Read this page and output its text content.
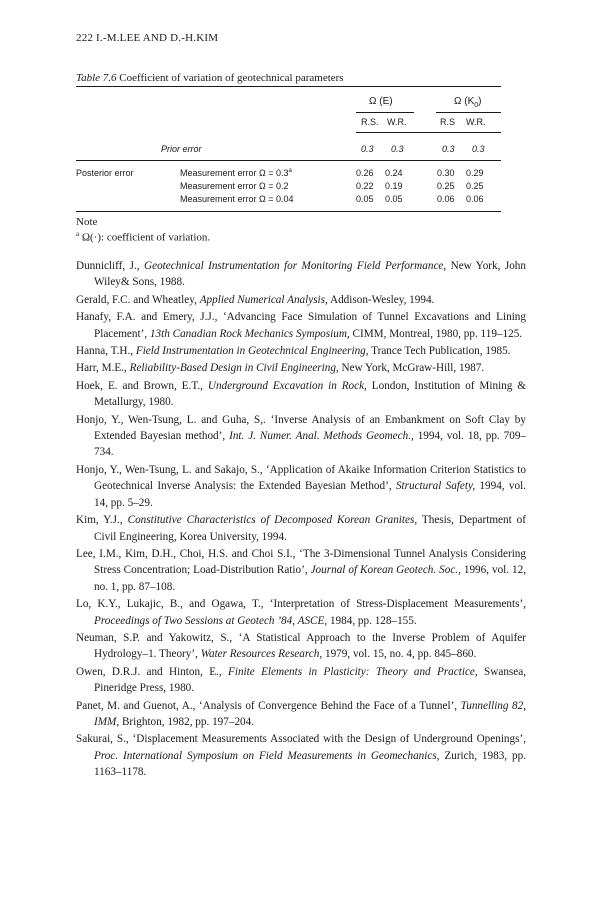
222 I.-M.LEE AND D.-H.KIM
Table 7.6 Coefficient of variation of geotechnical parameters
Ω (E)	Ω $(K_0)$
R.S. W.R.	R.S W.R.
Prior error	0.3 0.3	0.3 0.3
Posterior error	Measurement error Ω = 0.3$^a$	0.26 0.24	0.30 0.29
Measurement error Ω = 0.2	0.22 0.19	0.25 0.25
Measurement error Ω = 0.04	0.05 0.05	0.06 0.06
Note
$^a$ Ω(·): coefficient of variation.

Dunnicliff, J., Geotechnical Instrumentation for Monitoring Field Performance, New York, John Wiley& Sons, 1988.

Gerald, F.C. and Wheatley, Applied Numerical Analysis, Addison-Wesley, 1994.

Hanafy, F.A. and Emery, J.J., ‘Advancing Face Simulation of Tunnel Excavations and Lining Placement’, 13th Canadian Rock Mechanics Symposium, CIMM, Montreal, 1980, pp. 119–125.

Hanna, T.H., Field Instrumentation in Geotechnical Engineering, Trance Tech Publication, 1985.

Harr, M.E., Reliability-Based Design in Civil Engineering, New York, McGraw-Hill, 1987.

Hoek, E. and Brown, E.T., Underground Excavation in Rock, London, Institution of Mining & Metallurgy, 1980.

Honjo, Y., Wen-Tsung, L. and Guha, S,. ‘Inverse Analysis of an Embankment on Soft Clay by Extended Bayesian method’, Int. J. Numer. Anal. Methods Geomech., 1994, vol. 18, pp. 709–734.

Honjo, Y., Wen-Tsung, L. and Sakajo, S., ‘Application of Akaike Information Criterion Statistics to Geotechnical Inverse Analysis: the Extended Bayesian Method’, Structural Safety, 1994, vol. 14, pp. 5–29.

Kim, Y.J., Constitutive Characteristics of Decomposed Korean Granites, Thesis, Department of Civil Engineering, Korea University, 1994.

Lee, I.M., Kim, D.H., Choi, H.S. and Choi S.I., ‘The 3-Dimensional Tunnel Analysis Considering Stress Concentration; Load-Distribution Ratio’, Journal of Korean Geotech. Soc., 1996, vol. 12, no. 1, pp. 87–108.

Lo, K.Y., Lukajic, B., and Ogawa, T., ‘Interpretation of Stress-Displacement Measurements’, Proceedings of Two Sessions at Geotech ’84, ASCE, 1984, pp. 128–155.

Neuman, S.P. and Yakowitz, S., ‘A Statistical Approach to the Inverse Problem of Aquifer Hydrology–1. Theory’, Water Resources Research, 1979, vol. 15, no. 4, pp. 845–860.

Owen, D.R.J. and Hinton, E., Finite Elements in Plasticity: Theory and Practice, Swansea, Pineridge Press, 1980.

Panet, M. and Guenot, A., ‘Analysis of Convergence Behind the Face of a Tunnel’, Tunnelling 82, IMM, Brighton, 1982, pp. 197–204.

Sakurai, S., ‘Displacement Measurements Associated with the Design of Underground Openings’, Proc. International Symposium on Field Measurements in Geomechanics, Zurich, 1983, pp. 1163–1178.
